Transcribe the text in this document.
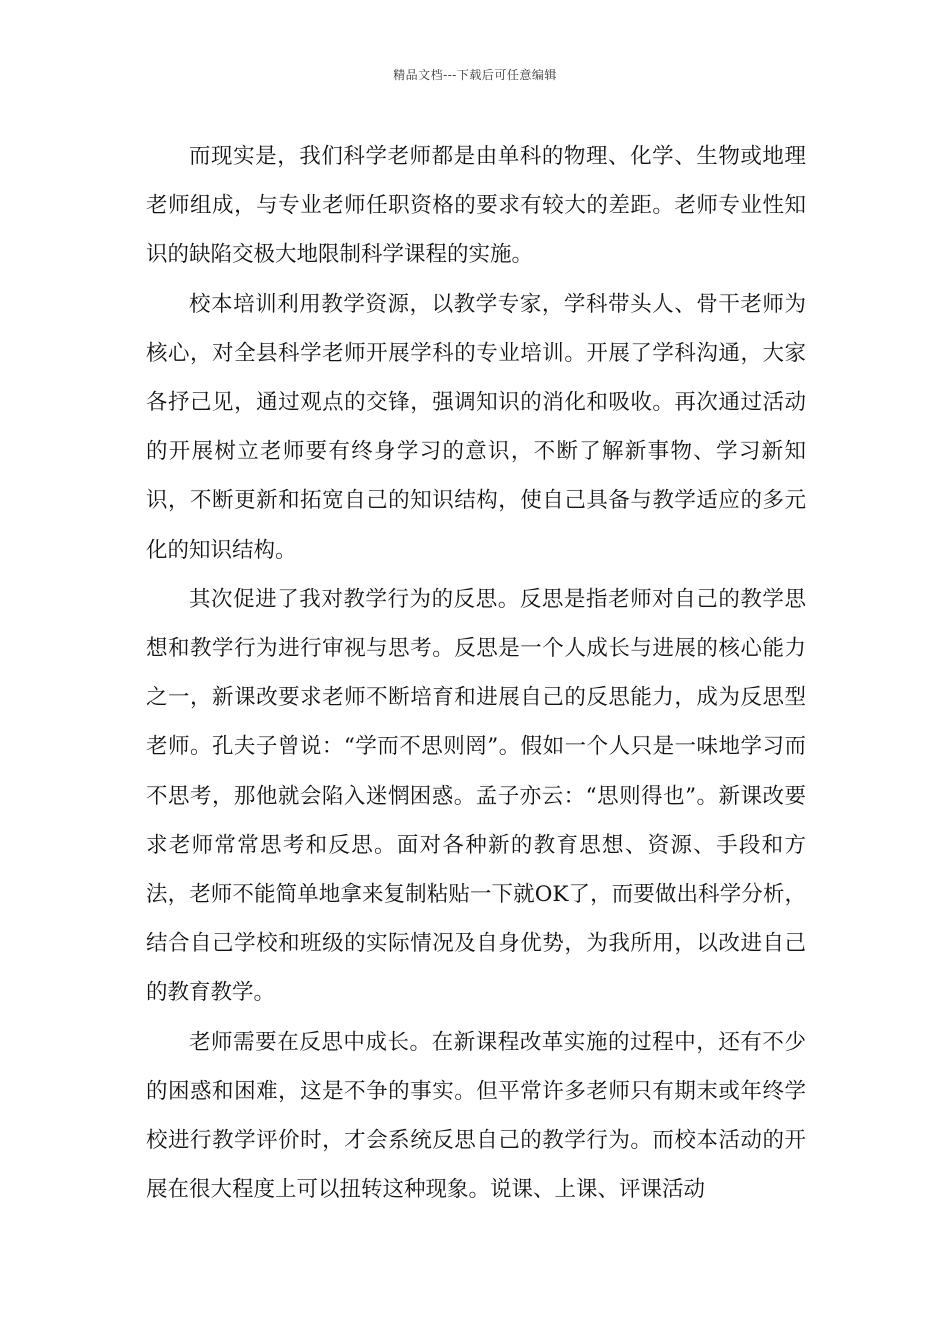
精品文档---下载后可任意编辑

而现实是，我们科学老师都是由单科的物理、化学、生物或地理老师组成，与专业老师任职资格的要求有较大的差距。老师专业性知识的缺陷交极大地限制科学课程的实施。

校本培训利用教学资源，以教学专家，学科带头人、骨干老师为核心，对全县科学老师开展学科的专业培训。开展了学科沟通，大家各抒己见，通过观点的交锋，强调知识的消化和吸收。再次通过活动的开展树立老师要有终身学习的意识，不断了解新事物、学习新知识，不断更新和拓宽自己的知识结构，使自己具备与教学适应的多元化的知识结构。

其次促进了我对教学行为的反思。反思是指老师对自己的教学思想和教学行为进行审视与思考。反思是一个人成长与进展的核心能力之一，新课改要求老师不断培育和进展自己的反思能力，成为反思型老师。孔夫子曾说：“学而不思则罔”。假如一个人只是一味地学习而不思考，那他就会陷入迷惘困惑。孟子亦云：“思则得也”。新课改要求老师常常思考和反思。面对各种新的教育思想、资源、手段和方法，老师不能简单地拿来复制粘贴一下就OK了，而要做出科学分析，结合自己学校和班级的实际情况及自身优势，为我所用，以改进自己的教育教学。

老师需要在反思中成长。在新课程改革实施的过程中，还有不少的困惑和困难，这是不争的事实。但平常许多老师只有期末或年终学校进行教学评价时，才会系统反思自己的教学行为。而校本活动的开展在很大程度上可以扭转这种现象。说课、上课、评课活动
